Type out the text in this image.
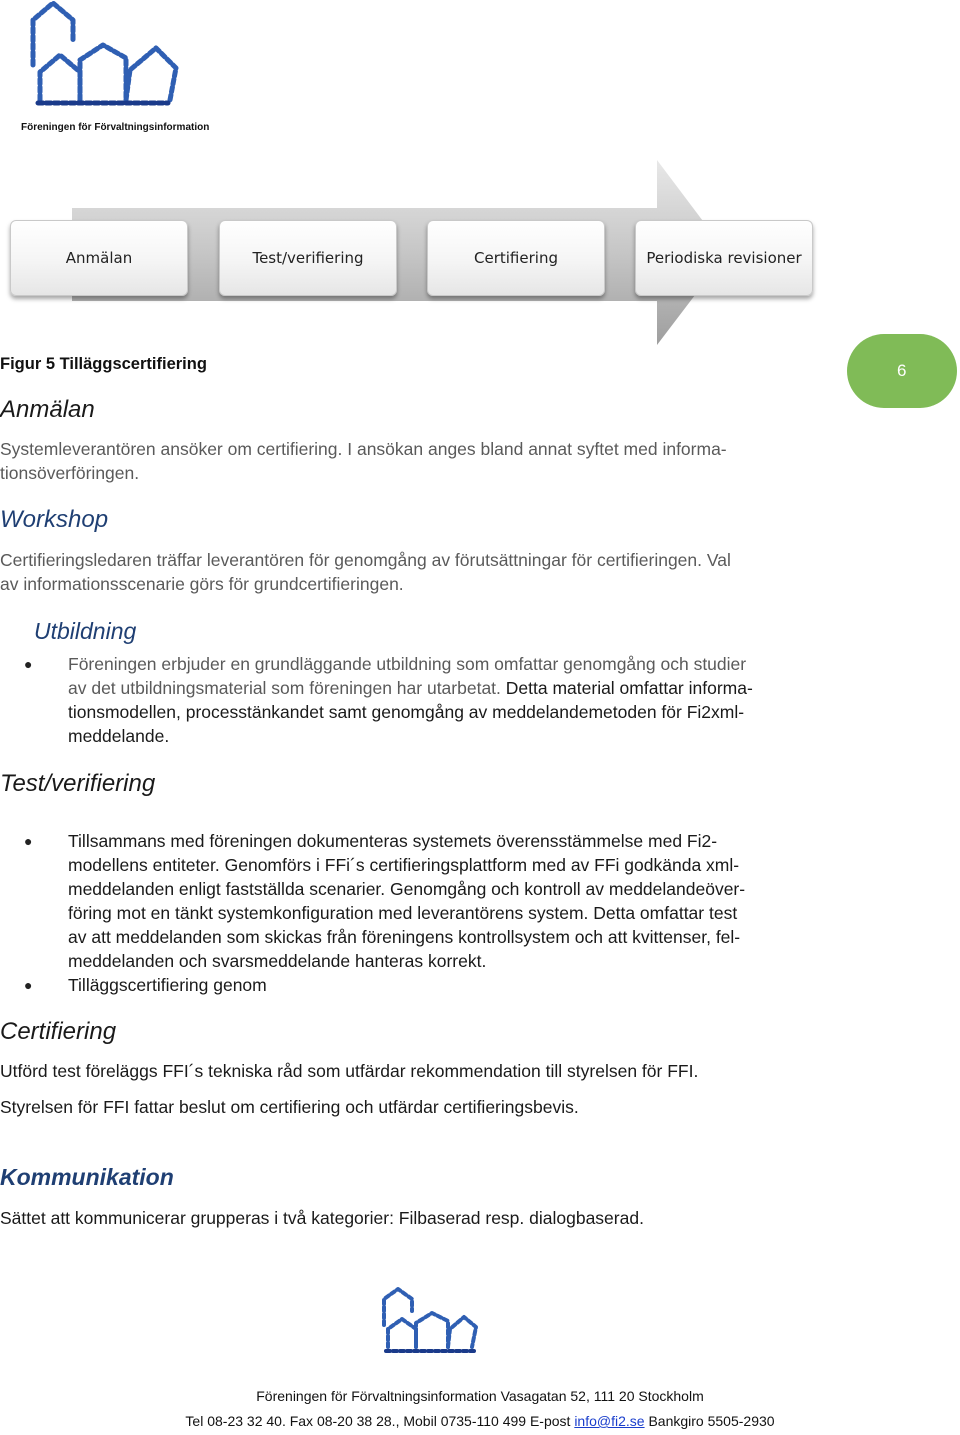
Föreningen för Förvaltningsinformation
Anmälan	Test/verifiering	Certifiering	Periodiska revisioner
Figur 5 Tilläggscertifiering	6
Anmälan
Systemleverantören ansöker om certifiering. I ansökan anges bland annat syftet med informa-
tionsöverföringen.
Workshop
Certifieringsledaren träffar leverantören för genomgång av förutsättningar för certifieringen. Val
av informationsscenarie görs för grundcertifieringen.
Utbildning
● Föreningen erbjuder en grundläggande utbildning som omfattar genomgång och studier
av det utbildningsmaterial som föreningen har utarbetat. Detta material omfattar informa-
tionsmodellen, processtänkandet samt genomgång av meddelandemetoden för Fi2xml-
meddelande.
Test/verifiering
● Tillsammans med föreningen dokumenteras systemets överensstämmelse med Fi2-
modellens entiteter. Genomförs i FFi´s certifieringsplattform med av FFi godkända xml-
meddelanden enligt fastställda scenarier. Genomgång och kontroll av meddelandeöver-
föring mot en tänkt systemkonfiguration med leverantörens system. Detta omfattar test
av att meddelanden som skickas från föreningens kontrollsystem och att kvittenser, fel-
meddelanden och svarsmeddelande hanteras korrekt.
● Tilläggscertifiering genom
Certifiering
Utförd test föreläggs FFI´s tekniska råd som utfärdar rekommendation till styrelsen för FFI.
Styrelsen för FFI fattar beslut om certifiering och utfärdar certifieringsbevis.
Kommunikation
Sättet att kommunicerar grupperas i två kategorier: Filbaserad resp. dialogbaserad.
Föreningen för Förvaltningsinformation Vasagatan 52, 111 20 Stockholm
Tel 08-23 32 40. Fax 08-20 38 28., Mobil 0735-110 499 E-post info@fi2.se Bankgiro 5505-2930
